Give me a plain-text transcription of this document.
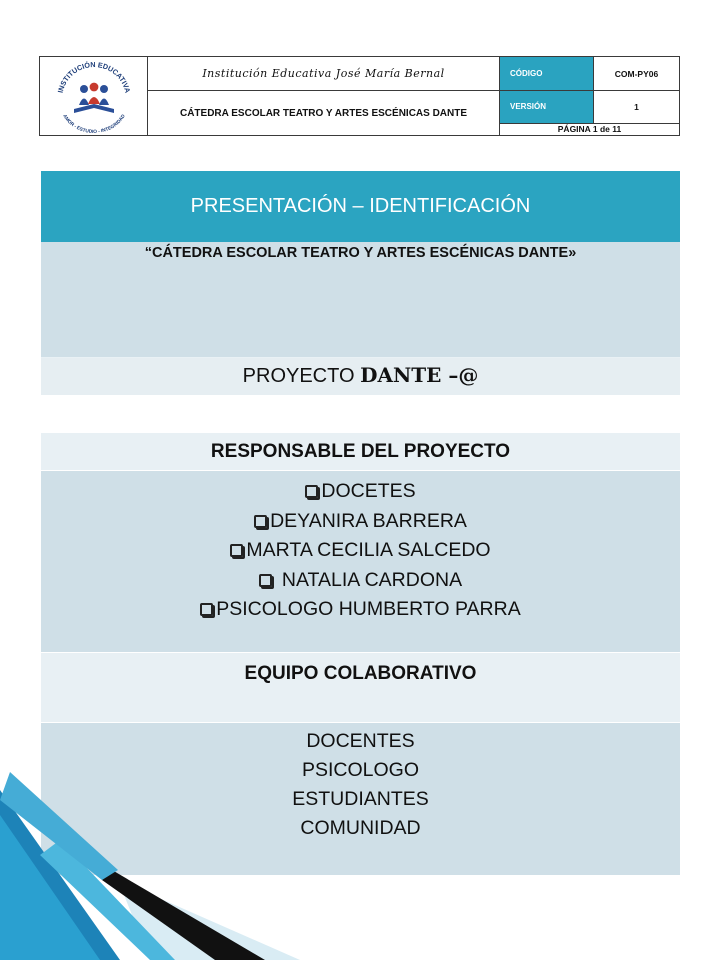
INSTITUCIÓN EDUCATIVA
AMOR - ESTUDIO - INTEGRIDAD	Institución Educativa José María Bernal	CÓDIGO	COM-PY06
	CÁTEDRA ESCOLAR TEATRO Y ARTES ESCÉNICAS DANTE	VERSIÓN	1
		PÁGINA 1 de 11	
PRESENTACIÓN – IDENTIFICACIÓN
“CÁTEDRA ESCOLAR TEATRO Y ARTES ESCÉNICAS DANTE»
PROYECTO DANTE –@
RESPONSABLE DEL PROYECTO
DOCETES
DEYANIRA BARRERA
MARTA CECILIA SALCEDO
NATALIA CARDONA
PSICOLOGO HUMBERTO PARRA
EQUIPO COLABORATIVO
DOCENTES
PSICOLOGO
ESTUDIANTES
COMUNIDAD
